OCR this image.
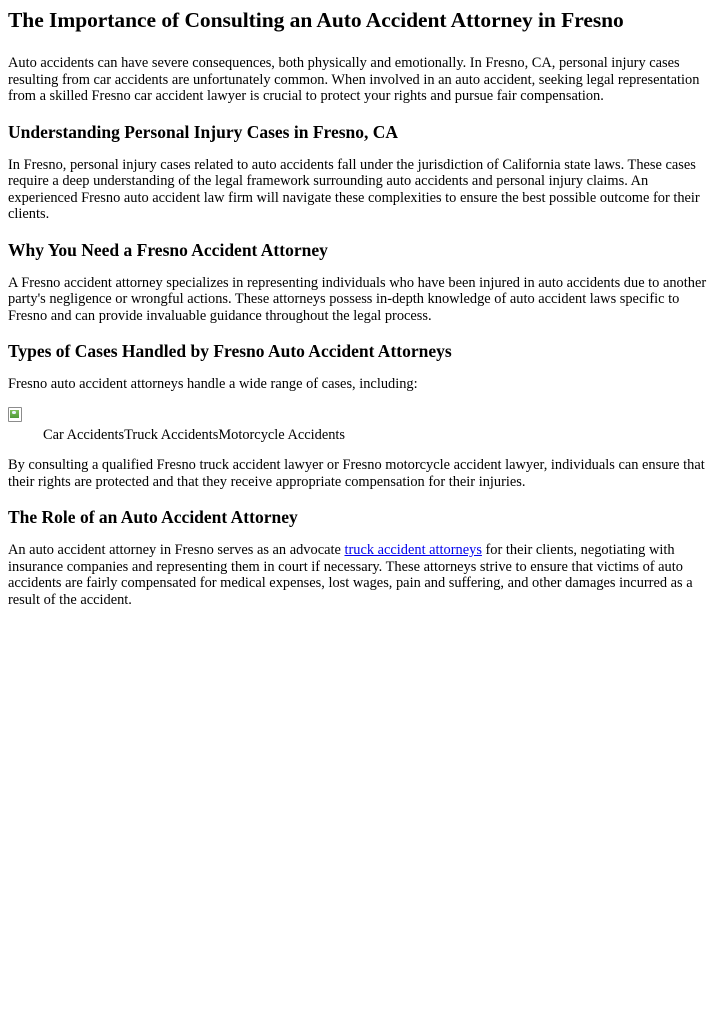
The Importance of Consulting an Auto Accident Attorney in Fresno

Auto accidents can have severe consequences, both physically and emotionally. In Fresno, CA, personal injury cases resulting from car accidents are unfortunately common. When involved in an auto accident, seeking legal representation from a skilled Fresno car accident lawyer is crucial to protect your rights and pursue fair compensation.

Understanding Personal Injury Cases in Fresno, CA

In Fresno, personal injury cases related to auto accidents fall under the jurisdiction of California state laws. These cases require a deep understanding of the legal framework surrounding auto accidents and personal injury claims. An experienced Fresno auto accident law firm will navigate these complexities to ensure the best possible outcome for their clients.

Why You Need a Fresno Accident Attorney

A Fresno accident attorney specializes in representing individuals who have been injured in auto accidents due to another party's negligence or wrongful actions. These attorneys possess in-depth knowledge of auto accident laws specific to Fresno and can provide invaluable guidance throughout the legal process.

Types of Cases Handled by Fresno Auto Accident Attorneys

Fresno auto accident attorneys handle a wide range of cases, including:

Car AccidentsTruck AccidentsMotorcycle Accidents

By consulting a qualified Fresno truck accident lawyer or Fresno motorcycle accident lawyer, individuals can ensure that their rights are protected and that they receive appropriate compensation for their injuries.

The Role of an Auto Accident Attorney

An auto accident attorney in Fresno serves as an advocate truck accident attorneys for their clients, negotiating with insurance companies and representing them in court if necessary. These attorneys strive to ensure that victims of auto accidents are fairly compensated for medical expenses, lost wages, pain and suffering, and other damages incurred as a result of the accident.
